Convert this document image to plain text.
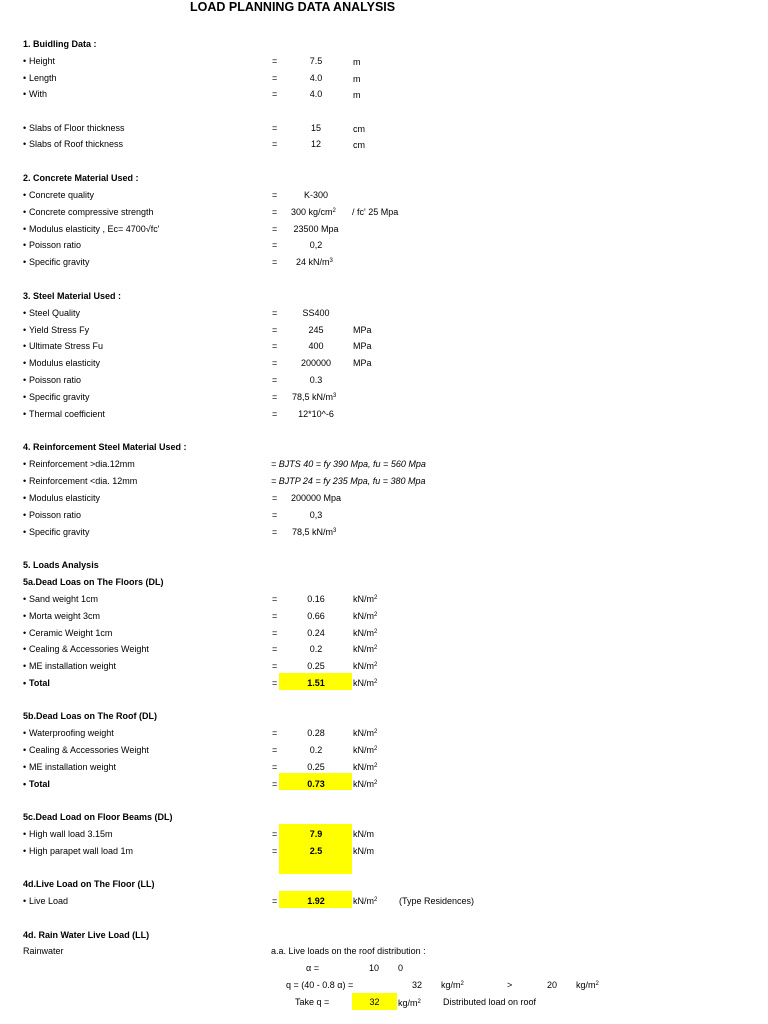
LOAD PLANNING DATA ANALYSIS
1. Buidling Data :
• Height	=	7.5	m
• Length	=	4.0	m
• With	=	4.0	m
• Slabs of Floor thickness	=	15	cm
• Slabs of Roof thickness	=	12	cm
2. Concrete Material Used :
• Concrete quality	=	K-300
• Concrete compressive strength	= 300 $kg/cm^2$ / fc' 25 Mpa
• Modulus elasticity , Ec= 4700√fc'	=	23500 Mpa
• Poisson ratio	=	0,2
• Specific gravity	= 24 $kN/m^3$
3. Steel Material Used :
• Steel Quality	=	SS400
• Yield Stress Fy	=	245	MPa
• Ultimate Stress Fu	=	400	MPa
• Modulus elasticity	=	200000	MPa
• Poisson ratio	=	0.3
• Specific gravity	= 78,5 $kN/m^3$
• Thermal coefficient	=	12*10^-6
4. Reinforcement Steel Material Used :
• Reinforcement >dia.12mm	= BJTS 40 = fy 390 Mpa, fu = 560 Mpa
• Reinforcement <dia. 12mm	= BJTP 24 = fy 235 Mpa, fu = 380 Mpa
• Modulus elasticity	= 200000 Mpa
• Poisson ratio	=	0,3
• Specific gravity	= 78,5 $kN/m^3$
5. Loads Analysis
5a.Dead Loas on The Floors (DL)
• Sand weight 1cm	=	0.16	$kN/m^2$
• Morta weight 3cm	=	0.66	$kN/m^2$
• Ceramic Weight 1cm	=	0.24	$kN/m^2$
• Cealing & Accessories Weight	=	0.2	$kN/m^2$
• ME installation weight	=	0.25	$kN/m^2$
• Total	=	1.51	$kN/m^2$
5b.Dead Loas on The Roof (DL)
• Waterproofing weight	=	0.28	$kN/m^2$
• Cealing & Accessories Weight	=	0.2	$kN/m^2$
• ME installation weight	=	0.25	$kN/m^2$
• Total	=	0.73	$kN/m^2$
5c.Dead Load on Floor Beams (DL)
• High wall load 3.15m	=	7.9	kN/m
• High parapet wall load 1m	=	2.5	kN/m
4d.Live Load on The Floor (LL)
• Live Load	=	1.92	$kN/m^2$ (Type Residences)
4d. Rain Water Live Load (LL)
Rainwater	a.a. Live loads on the roof distribution :
α =	10 0
q = (40 - 0.8 α) =	32 $kg/m^2$	>	20 $kg/m^2$
Take q =	32	$kg/m^2$ Distributed load on roof
